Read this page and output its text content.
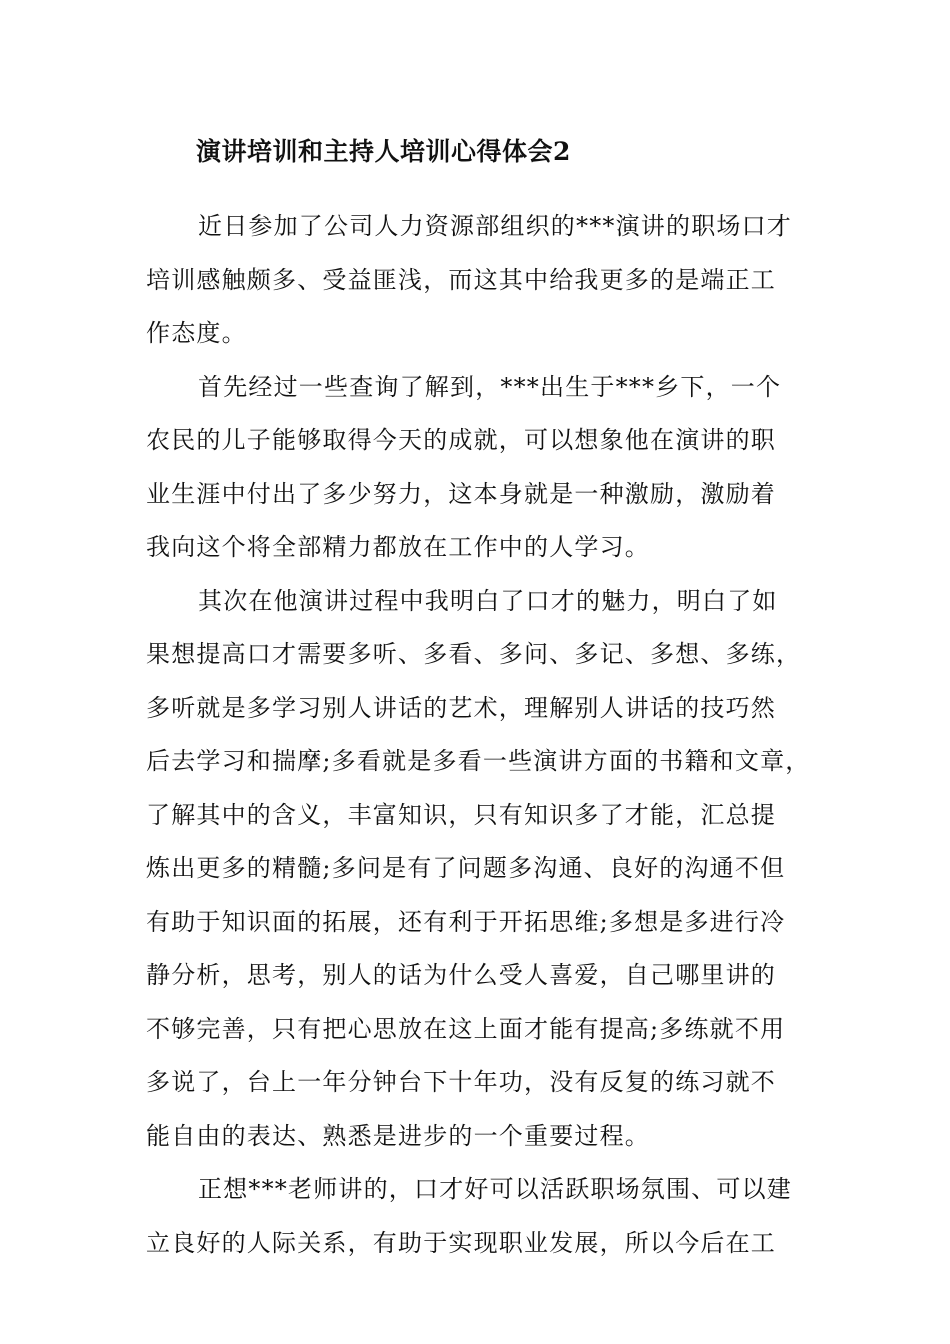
演讲培训和主持人培训心得体会2
近日参加了公司人力资源部组织的***演讲的职场口才
培训感触颇多、受益匪浅，而这其中给我更多的是端正工
作态度。
首先经过一些查询了解到，***出生于***乡下，一个
农民的儿子能够取得今天的成就，可以想象他在演讲的职
业生涯中付出了多少努力，这本身就是一种激励，激励着
我向这个将全部精力都放在工作中的人学习。
其次在他演讲过程中我明白了口才的魅力，明白了如
果想提高口才需要多听、多看、多问、多记、多想、多练，
多听就是多学习别人讲话的艺术，理解别人讲话的技巧然
后去学习和揣摩;多看就是多看一些演讲方面的书籍和文章，
了解其中的含义，丰富知识，只有知识多了才能，汇总提
炼出更多的精髓;多问是有了问题多沟通、良好的沟通不但
有助于知识面的拓展，还有利于开拓思维;多想是多进行冷
静分析，思考，别人的话为什么受人喜爱，自己哪里讲的
不够完善，只有把心思放在这上面才能有提高;多练就不用
多说了，台上一年分钟台下十年功，没有反复的练习就不
能自由的表达、熟悉是进步的一个重要过程。
正想***老师讲的，口才好可以活跃职场氛围、可以建
立良好的人际关系，有助于实现职业发展，所以今后在工
